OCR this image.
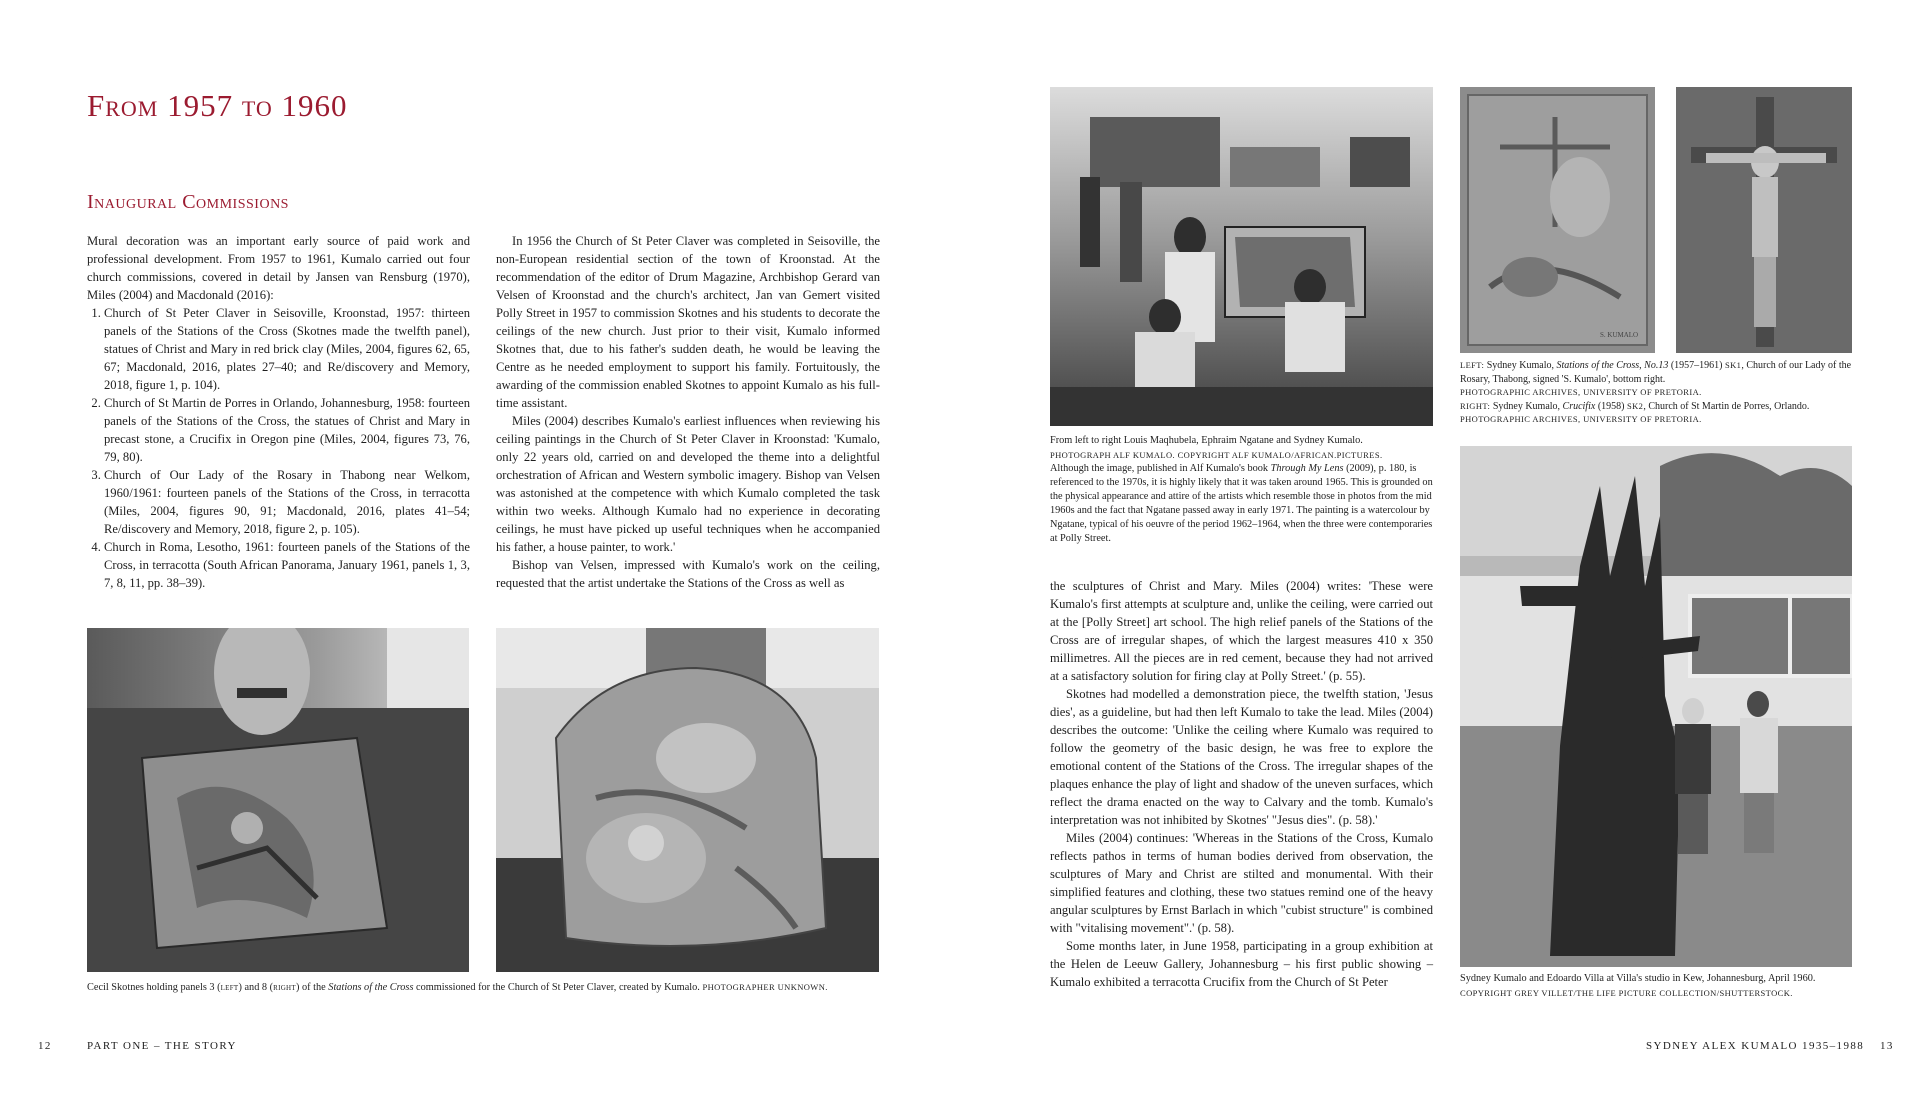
From 1957 to 1960
Inaugural Commissions

Mural decoration was an important early source of paid work and professional development. From 1957 to 1961, Kumalo carried out four church commissions, covered in detail by Jansen van Rensburg (1970), Miles (2004) and Macdonald (2016):

1. Church of St Peter Claver in Seisoville, Kroonstad, 1957: thirteen panels of the Stations of the Cross (Skotnes made the twelfth panel), statues of Christ and Mary in red brick clay (Miles, 2004, figures 62, 65, 67; Macdonald, 2016, plates 27–40; and Re/discovery and Memory, 2018, figure 1, p. 104).
2. Church of St Martin de Porres in Orlando, Johannesburg, 1958: fourteen panels of the Stations of the Cross, the statues of Christ and Mary in precast stone, a Crucifix in Oregon pine (Miles, 2004, figures 73, 76, 79, 80).
3. Church of Our Lady of the Rosary in Thabong near Welkom, 1960/1961: fourteen panels of the Stations of the Cross, in terracotta (Miles, 2004, figures 90, 91; Macdonald, 2016, plates 41–54; Re/discovery and Memory, 2018, figure 2, p. 105).
4. Church in Roma, Lesotho, 1961: fourteen panels of the Stations of the Cross, in terracotta (South African Panorama, January 1961, panels 1, 3, 7, 8, 11, pp. 38–39).

In 1956 the Church of St Peter Claver was completed in Seisoville, the non-European residential section of the town of Kroonstad. At the recommendation of the editor of Drum Magazine, Archbishop Gerard van Velsen of Kroonstad and the church's architect, Jan van Gemert visited Polly Street in 1957 to commission Skotnes and his students to decorate the ceilings of the new church. Just prior to their visit, Kumalo informed Skotnes that, due to his father's sudden death, he would be leaving the Centre as he needed employment to support his family. Fortuitously, the awarding of the commission enabled Skotnes to appoint Kumalo as his full-time assistant.

Miles (2004) describes Kumalo's earliest influences when reviewing his ceiling paintings in the Church of St Peter Claver in Kroonstad: 'Kumalo, only 22 years old, carried on and developed the theme into a delightful orchestration of African and Western symbolic imagery. Bishop van Velsen was astonished at the competence with which Kumalo completed the task within two weeks. Although Kumalo had no experience in decorating ceilings, he must have picked up useful techniques when he accompanied his father, a house painter, to work.'

Bishop van Velsen, impressed with Kumalo's work on the ceiling, requested that the artist undertake the Stations of the Cross as well as

Cecil Skotnes holding panels 3 (left) and 8 (right) of the Stations of the Cross commissioned for the Church of St Peter Claver, created by Kumalo. PHOTOGRAPHER UNKNOWN.
12	PART ONE – THE STORY
From left to right Louis Maqhubela, Ephraim Ngatane and Sydney Kumalo.
PHOTOGRAPH ALF KUMALO. COPYRIGHT ALF KUMALO/AFRICAN.PICTURES.
Although the image, published in Alf Kumalo's book Through My Lens (2009), p. 180, is referenced to the 1970s, it is highly likely that it was taken around 1965. This is grounded on the physical appearance and attire of the artists which resemble those in photos from the mid 1960s and the fact that Ngatane passed away in early 1971. The painting is a watercolour by Ngatane, typical of his oeuvre of the period 1962–1964, when the three were contemporaries at Polly Street.

the sculptures of Christ and Mary. Miles (2004) writes: 'These were Kumalo's first attempts at sculpture and, unlike the ceiling, were carried out at the [Polly Street] art school. The high relief panels of the Stations of the Cross are of irregular shapes, of which the largest measures 410 x 350 millimetres. All the pieces are in red cement, because they had not arrived at a satisfactory solution for firing clay at Polly Street.' (p. 55).

Skotnes had modelled a demonstration piece, the twelfth station, 'Jesus dies', as a guideline, but had then left Kumalo to take the lead. Miles (2004) describes the outcome: 'Unlike the ceiling where Kumalo was required to follow the geometry of the basic design, he was free to explore the emotional content of the Stations of the Cross. The irregular shapes of the plaques enhance the play of light and shadow of the uneven surfaces, which reflect the drama enacted on the way to Calvary and the tomb. Kumalo's interpretation was not inhibited by Skotnes' "Jesus dies". (p. 58).'

Miles (2004) continues: 'Whereas in the Stations of the Cross, Kumalo reflects pathos in terms of human bodies derived from observation, the sculptures of Mary and Christ are stilted and monumental. With their simplified features and clothing, these two statues remind one of the heavy angular sculptures by Ernst Barlach in which "cubist structure" is combined with "vitalising movement".' (p. 58).

Some months later, in June 1958, participating in a group exhibition at the Helen de Leeuw Gallery, Johannesburg – his first public showing – Kumalo exhibited a terracotta Crucifix from the Church of St Peter

S. KUMALO
LEFT: Sydney Kumalo, Stations of the Cross, No.13 (1957–1961) SK1, Church of our Lady of the Rosary, Thabong, signed 'S. Kumalo', bottom right.
PHOTOGRAPHIC ARCHIVES, UNIVERSITY OF PRETORIA.
RIGHT: Sydney Kumalo, Crucifix (1958) SK2, Church of St Martin de Porres, Orlando. PHOTOGRAPHIC ARCHIVES, UNIVERSITY OF PRETORIA.
Sydney Kumalo and Edoardo Villa at Villa's studio in Kew, Johannesburg, April 1960. COPYRIGHT GREY VILLET/THE LIFE PICTURE COLLECTION/SHUTTERSTOCK.
SYDNEY ALEX KUMALO 1935–1988 13
